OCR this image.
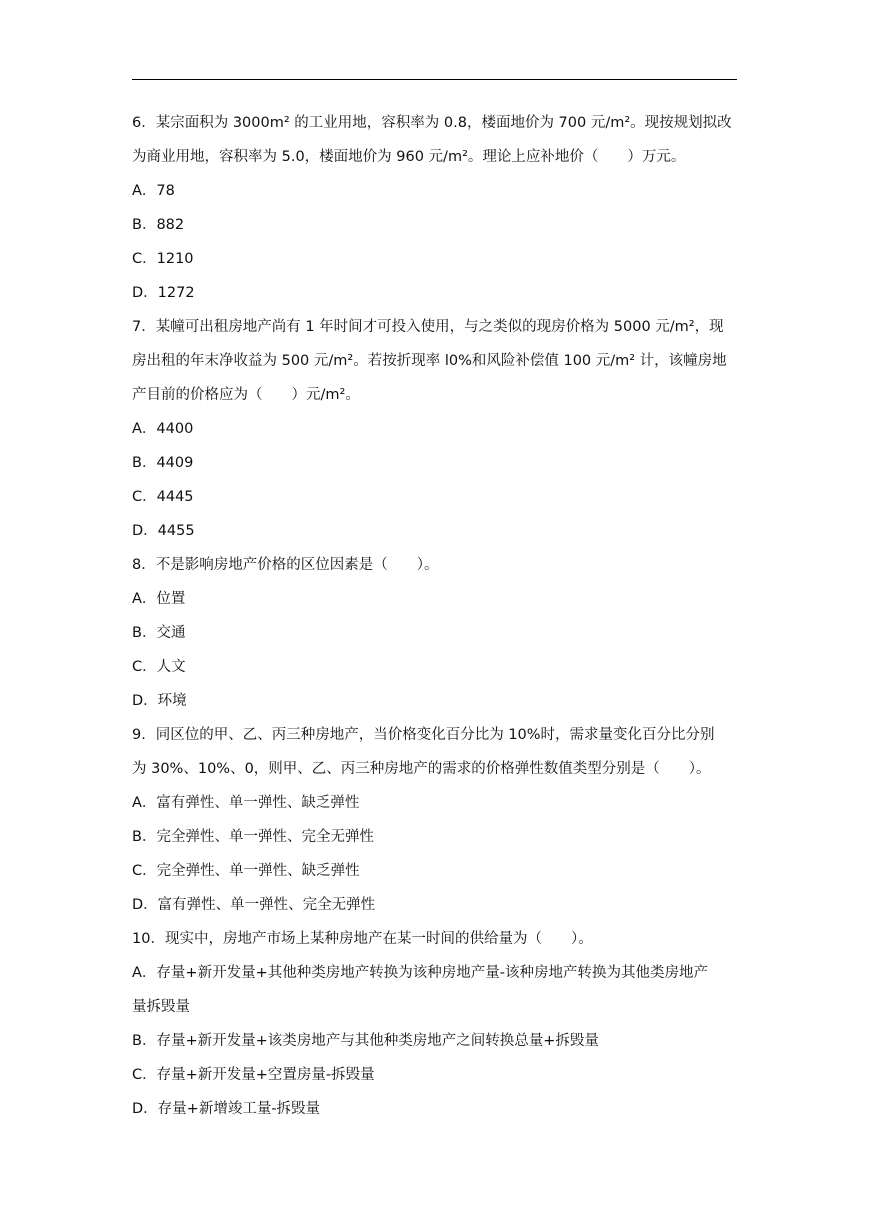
6．某宗面积为 3000m² 的工业用地，容积率为 0.8，楼面地价为 700 元/m²。现按规划拟改
为商业用地，容积率为 5.0，楼面地价为 960 元/m²。理论上应补地价（　　）万元。
A．78
B．882
C．1210
D．1272
7．某幢可出租房地产尚有 1 年时间才可投入使用，与之类似的现房价格为 5000 元/m²，现
房出租的年末净收益为 500 元/m²。若按折现率 l0%和风险补偿值 100 元/m² 计，该幢房地
产目前的价格应为（　　）元/m²。
A．4400
B．4409
C．4445
D．4455
8．不是影响房地产价格的区位因素是（　　）。
A．位置
B．交通
C．人文
D．环境
9．同区位的甲、乙、丙三种房地产，当价格变化百分比为 10%时，需求量变化百分比分别
为 30%、10%、0，则甲、乙、丙三种房地产的需求的价格弹性数值类型分别是（　　）。
A．富有弹性、单一弹性、缺乏弹性
B．完全弹性、单一弹性、完全无弹性
C．完全弹性、单一弹性、缺乏弹性
D．富有弹性、单一弹性、完全无弹性
10．现实中，房地产市场上某种房地产在某一时间的供给量为（　　）。
A．存量+新开发量+其他种类房地产转换为该种房地产量-该种房地产转换为其他类房地产
量拆毁量
B．存量+新开发量+该类房地产与其他种类房地产之间转换总量+拆毁量
C．存量+新开发量+空置房量-拆毁量
D．存量+新增竣工量-拆毁量
